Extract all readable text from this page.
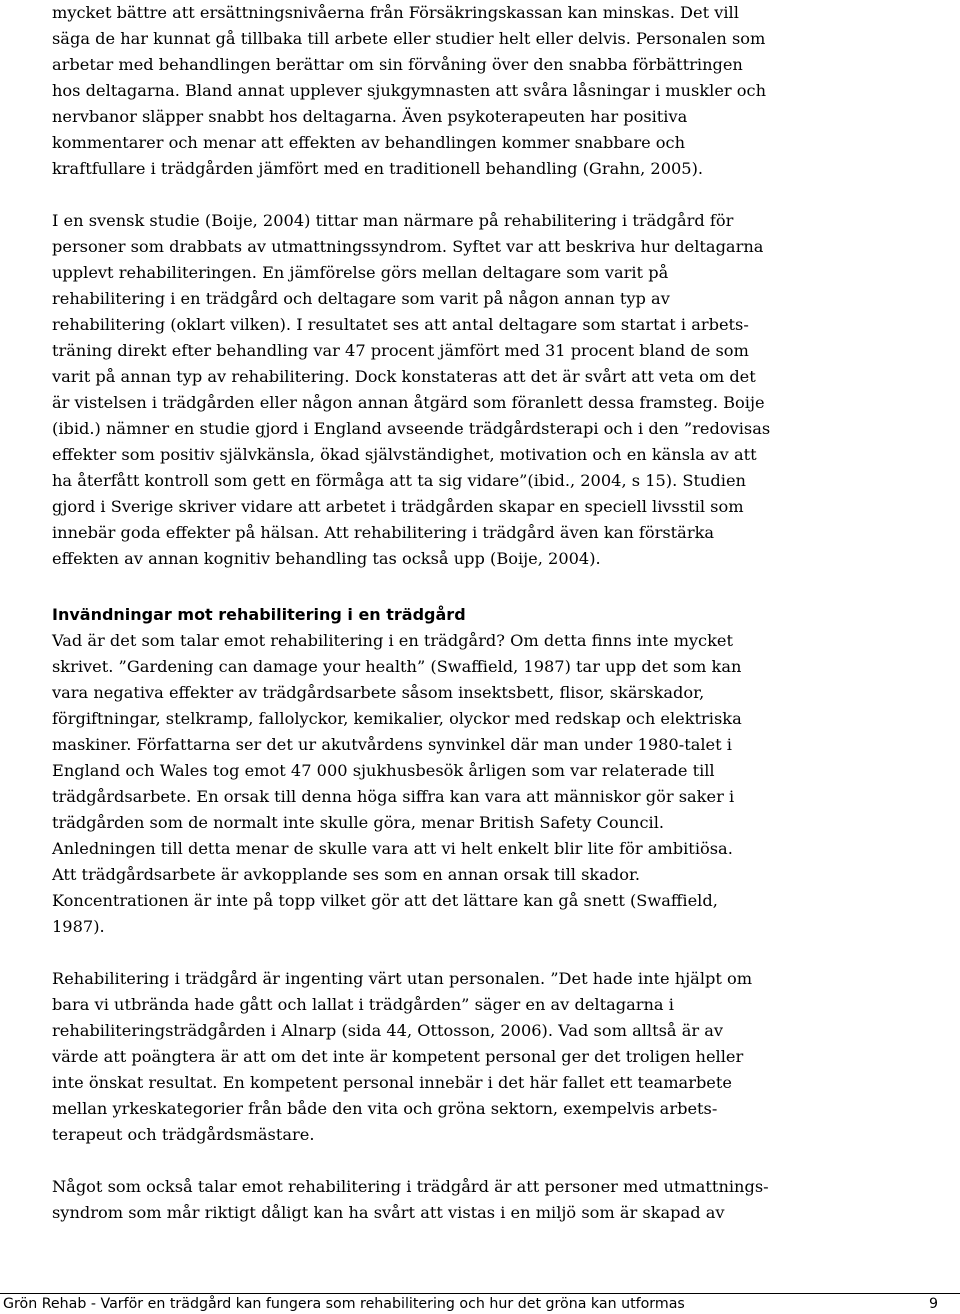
mycket bättre att ersättningsnivåerna från Försäkringskassan kan minskas. Det vill
säga de har kunnat gå tillbaka till arbete eller studier helt eller delvis. Personalen som
arbetar med behandlingen berättar om sin förvåning över den snabba förbättringen
hos deltagarna. Bland annat upplever sjukgymnasten att svåra låsningar i muskler och
nervbanor släpper snabbt hos deltagarna. Även psykoterapeuten har positiva
kommentarer och menar att effekten av behandlingen kommer snabbare och
kraftfullare i trädgården jämfört med en traditionell behandling (Grahn, 2005).
I en svensk studie (Boije, 2004) tittar man närmare på rehabilitering i trädgård för
personer som drabbats av utmattningssyndrom. Syftet var att beskriva hur deltagarna
upplevt rehabiliteringen. En jämförelse görs mellan deltagare som varit på
rehabilitering i en trädgård och deltagare som varit på någon annan typ av
rehabilitering (oklart vilken). I resultatet ses att antal deltagare som startat i arbets-
träning direkt efter behandling var 47 procent jämfört med 31 procent bland de som
varit på annan typ av rehabilitering. Dock konstateras att det är svårt att veta om det
är vistelsen i trädgården eller någon annan åtgärd som föranlett dessa framsteg. Boije
(ibid.) nämner en studie gjord i England avseende trädgårdsterapi och i den ”redovisas
effekter som positiv självkänsla, ökad självständighet, motivation och en känsla av att
ha återfått kontroll som gett en förmåga att ta sig vidare”(ibid., 2004, s 15). Studien
gjord i Sverige skriver vidare att arbetet i trädgården skapar en speciell livsstil som
innebär goda effekter på hälsan. Att rehabilitering i trädgård även kan förstärka
effekten av annan kognitiv behandling tas också upp (Boije, 2004).
Invändningar mot rehabilitering i en trädgård
Vad är det som talar emot rehabilitering i en trädgård? Om detta finns inte mycket
skrivet. ”Gardening can damage your health” (Swaffield, 1987) tar upp det som kan
vara negativa effekter av trädgårdsarbete såsom insektsbett, flisor, skärskador,
förgiftningar, stelkramp, fallolyckor, kemikalier, olyckor med redskap och elektriska
maskiner. Författarna ser det ur akutvårdens synvinkel där man under 1980-talet i
England och Wales tog emot 47 000 sjukhusbesök årligen som var relaterade till
trädgårdsarbete. En orsak till denna höga siffra kan vara att människor gör saker i
trädgården som de normalt inte skulle göra, menar British Safety Council.
Anledningen till detta menar de skulle vara att vi helt enkelt blir lite för ambitiösa.
Att trädgårdsarbete är avkopplande ses som en annan orsak till skador.
Koncentrationen är inte på topp vilket gör att det lättare kan gå snett (Swaffield,
1987).
Rehabilitering i trädgård är ingenting värt utan personalen. ”Det hade inte hjälpt om
bara vi utbrända hade gått och lallat i trädgården” säger en av deltagarna i
rehabiliteringsträdgården i Alnarp (sida 44, Ottosson, 2006). Vad som alltså är av
värde att poängtera är att om det inte är kompetent personal ger det troligen heller
inte önskat resultat. En kompetent personal innebär i det här fallet ett teamarbete
mellan yrkeskategorier från både den vita och gröna sektorn, exempelvis arbets-
terapeut och trädgårdsmästare.
Något som också talar emot rehabilitering i trädgård är att personer med utmattnings-
syndrom som mår riktigt dåligt kan ha svårt att vistas i en miljö som är skapad av
Grön Rehab - Varför en trädgård kan fungera som rehabilitering och hur det gröna kan utformas	9
